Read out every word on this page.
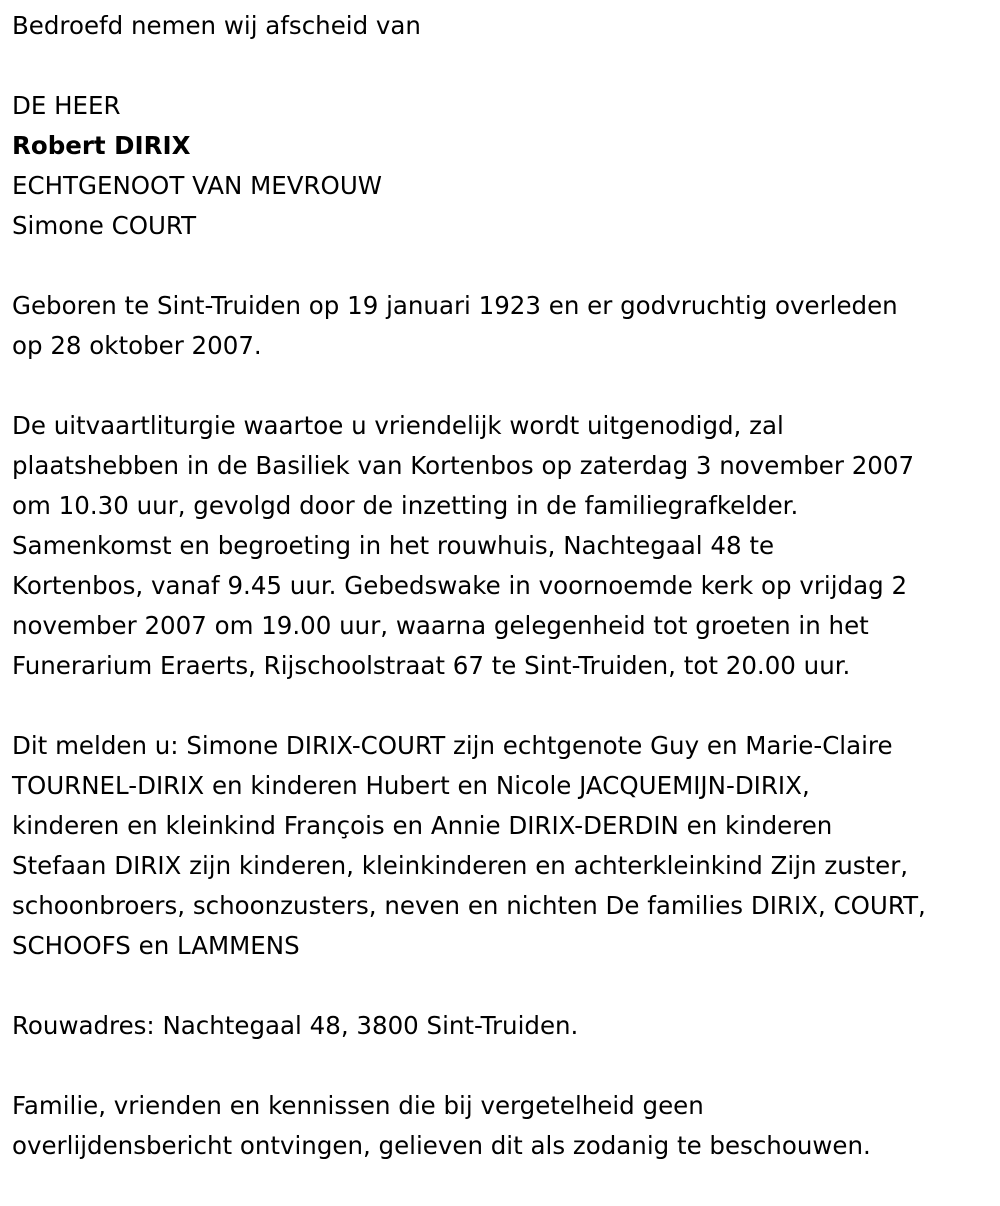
Bedroefd nemen wij afscheid van

DE HEER

Robert DIRIX

ECHTGENOOT VAN MEVROUW

Simone COURT

Geboren te Sint-Truiden op 19 januari 1923 en er godvruchtig overleden
op 28 oktober 2007.

De uitvaartliturgie waartoe u vriendelijk wordt uitgenodigd, zal
plaatshebben in de Basiliek van Kortenbos op zaterdag 3 november 2007
om 10.30 uur, gevolgd door de inzetting in de familiegrafkelder.
Samenkomst en begroeting in het rouwhuis, Nachtegaal 48 te
Kortenbos, vanaf 9.45 uur. Gebedswake in voornoemde kerk op vrijdag 2
november 2007 om 19.00 uur, waarna gelegenheid tot groeten in het
Funerarium Eraerts, Rijschoolstraat 67 te Sint-Truiden, tot 20.00 uur.

Dit melden u: Simone DIRIX-COURT zijn echtgenote Guy en Marie-Claire
TOURNEL-DIRIX en kinderen Hubert en Nicole JACQUEMIJN-DIRIX,
kinderen en kleinkind François en Annie DIRIX-DERDIN en kinderen
Stefaan DIRIX zijn kinderen, kleinkinderen en achterkleinkind Zijn zuster,
schoonbroers, schoonzusters, neven en nichten De families DIRIX, COURT,
SCHOOFS en LAMMENS

Rouwadres: Nachtegaal 48, 3800 Sint-Truiden.

Familie, vrienden en kennissen die bij vergetelheid geen
overlijdensbericht ontvingen, gelieven dit als zodanig te beschouwen.
